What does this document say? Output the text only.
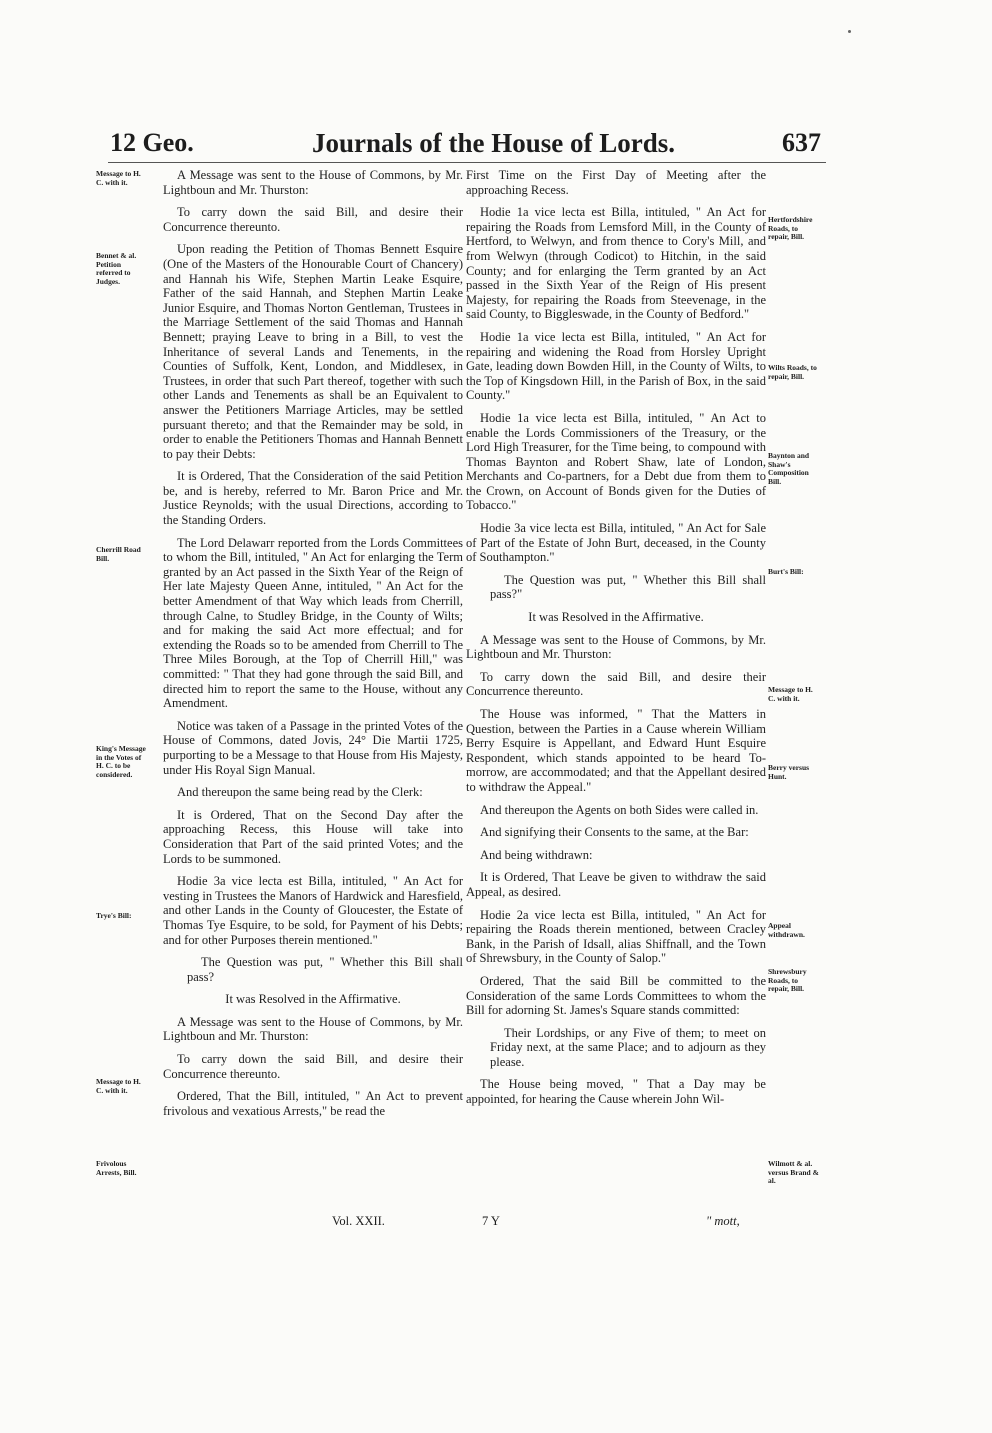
12 Geo.	Journals of the House of Lords.	637
Message to H. C. with it.
Bennet & al. Petition referred to Judges.
Cherrill Road Bill.
King's Message in the Votes of H. C. to be considered.
Trye's Bill:
Message to H. C. with it.
Frivolous Arrests, Bill.
Hertfordshire Roads, to repair, Bill.
Wilts Roads, to repair, Bill.
Baynton and Shaw's Composition Bill.
Burt's Bill:
Message to H. C. with it.
Berry versus Hunt.
Appeal withdrawn.
Shrewsbury Roads, to repair, Bill.
Wilmott & al. versus Brand & al.

A Message was sent to the House of Commons, by Mr. Lightboun and Mr. Thurston:

To carry down the said Bill, and desire their Concurrence thereunto.

Upon reading the Petition of Thomas Bennett Esquire (One of the Masters of the Honourable Court of Chancery) and Hannah his Wife, Stephen Martin Leake Esquire, Father of the said Hannah, and Stephen Martin Leake Junior Esquire, and Thomas Norton Gentleman, Trustees in the Marriage Settlement of the said Thomas and Hannah Bennett; praying Leave to bring in a Bill, to vest the Inheritance of several Lands and Tenements, in the Counties of Suffolk, Kent, London, and Middlesex, in Trustees, in order that such Part thereof, together with such other Lands and Tenements as shall be an Equivalent to answer the Petitioners Marriage Articles, may be settled pursuant thereto; and that the Remainder may be sold, in order to enable the Petitioners Thomas and Hannah Bennett to pay their Debts:

It is Ordered, That the Consideration of the said Petition be, and is hereby, referred to Mr. Baron Price and Mr. Justice Reynolds; with the usual Directions, according to the Standing Orders.

The Lord Delawarr reported from the Lords Committees to whom the Bill, intituled, " An Act for enlarging the Term granted by an Act passed in the Sixth Year of the Reign of Her late Majesty Queen Anne, intituled, " An Act for the better Amendment of that Way which leads from Cherrill, through Calne, to Studley Bridge, in the County of Wilts; and for making the said Act more effectual; and for extending the Roads so to be amended from Cherrill to The Three Miles Borough, at the Top of Cherrill Hill," was committed: " That they had gone through the said Bill, and directed him to report the same to the House, without any Amendment.

Notice was taken of a Passage in the printed Votes of the House of Commons, dated Jovis, 24° Die Martii 1725, purporting to be a Message to that House from His Majesty, under His Royal Sign Manual.

And thereupon the same being read by the Clerk:

It is Ordered, That on the Second Day after the approaching Recess, this House will take into Consideration that Part of the said printed Votes; and the Lords to be summoned.

Hodie 3a vice lecta est Billa, intituled, " An Act for vesting in Trustees the Manors of Hardwick and Haresfield, and other Lands in the County of Gloucester, the Estate of Thomas Tye Esquire, to be sold, for Payment of his Debts; and for other Purposes therein mentioned."

The Question was put, " Whether this Bill shall pass?

It was Resolved in the Affirmative.

A Message was sent to the House of Commons, by Mr. Lightboun and Mr. Thurston:

To carry down the said Bill, and desire their Concurrence thereunto.

Ordered, That the Bill, intituled, " An Act to prevent frivolous and vexatious Arrests," be read the

First Time on the First Day of Meeting after the approaching Recess.

Hodie 1a vice lecta est Billa, intituled, " An Act for repairing the Roads from Lemsford Mill, in the County of Hertford, to Welwyn, and from thence to Cory's Mill, and from Welwyn (through Codicot) to Hitchin, in the said County; and for enlarging the Term granted by an Act passed in the Sixth Year of the Reign of His present Majesty, for repairing the Roads from Steevenage, in the said County, to Biggleswade, in the County of Bedford."

Hodie 1a vice lecta est Billa, intituled, " An Act for repairing and widening the Road from Horsley Upright Gate, leading down Bowden Hill, in the County of Wilts, to the Top of Kingsdown Hill, in the Parish of Box, in the said County."

Hodie 1a vice lecta est Billa, intituled, " An Act to enable the Lords Commissioners of the Treasury, or the Lord High Treasurer, for the Time being, to compound with Thomas Baynton and Robert Shaw, late of London, Merchants and Co-partners, for a Debt due from them to the Crown, on Account of Bonds given for the Duties of Tobacco."

Hodie 3a vice lecta est Billa, intituled, " An Act for Sale of Part of the Estate of John Burt, deceased, in the County of Southampton."

The Question was put, " Whether this Bill shall pass?"

It was Resolved in the Affirmative.

A Message was sent to the House of Commons, by Mr. Lightboun and Mr. Thurston:

To carry down the said Bill, and desire their Concurrence thereunto.

The House was informed, " That the Matters in Question, between the Parties in a Cause wherein William Berry Esquire is Appellant, and Edward Hunt Esquire Respondent, which stands appointed to be heard To-morrow, are accommodated; and that the Appellant desired to withdraw the Appeal."

And thereupon the Agents on both Sides were called in.

And signifying their Consents to the same, at the Bar:

And being withdrawn:

It is Ordered, That Leave be given to withdraw the said Appeal, as desired.

Hodie 2a vice lecta est Billa, intituled, " An Act for repairing the Roads therein mentioned, between Cracley Bank, in the Parish of Idsall, alias Shiffnall, and the Town of Shrewsbury, in the County of Salop."

Ordered, That the said Bill be committed to the Consideration of the same Lords Committees to whom the Bill for adorning St. James's Square stands committed:

Their Lordships, or any Five of them; to meet on Friday next, at the same Place; and to adjourn as they please.

The House being moved, " That a Day may be appointed, for hearing the Cause wherein John Wil-

Vol. XXII.	7 Y	" mott,
